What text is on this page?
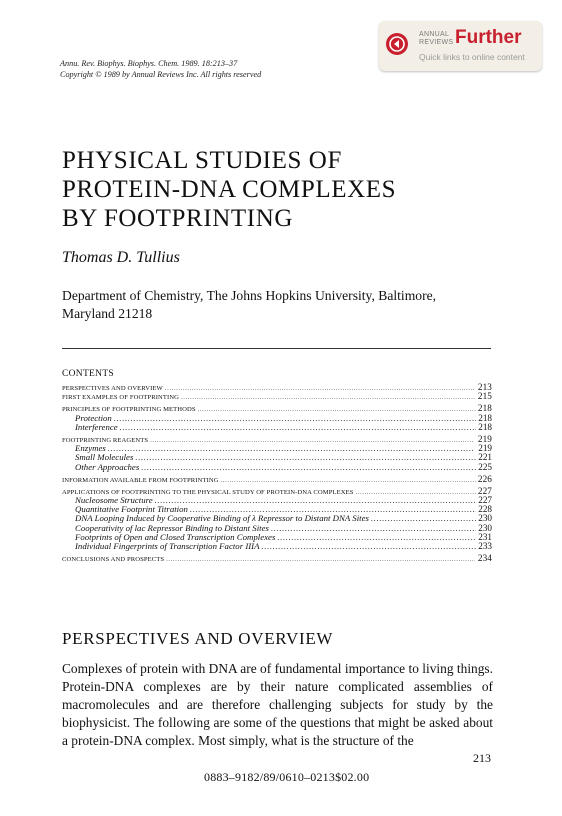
Annu. Rev. Biophys. Biophys. Chem. 1989. 18:213–37
Copyright © 1989 by Annual Reviews Inc. All rights reserved
ANNUAL
REVIEWS Further
Quick links to online content
PHYSICAL STUDIES OF
PROTEIN-DNA COMPLEXES
BY FOOTPRINTING
Thomas D. Tullius
Department of Chemistry, The Johns Hopkins University, Baltimore, Maryland 21218
CONTENTS
PERSPECTIVES AND OVERVIEW .....	213
FIRST EXAMPLES OF FOOTPRINTING .....	215
PRINCIPLES OF FOOTPRINTING METHODS .....	218
Protection .....	218
Interference .....	218
FOOTPRINTING REAGENTS .....	219
Enzymes .....	219
Small Molecules .....	221
Other Approaches .....	225
INFORMATION AVAILABLE FROM FOOTPRINTING .....	226
APPLICATIONS OF FOOTPRINTING TO THE PHYSICAL STUDY OF PROTEIN-DNA COMPLEXES .....	227
Nucleosome Structure .....	227
Quantitative Footprint Titration .....	228
DNA Looping Induced by Cooperative Binding of λ Repressor to Distant DNA Sites .....	230
Cooperativity of lac Repressor Binding to Distant Sites .....	230
Footprints of Open and Closed Transcription Complexes .....	231
Individual Fingerprints of Transcription Factor IIIA .....	233
CONCLUSIONS AND PROSPECTS .....	234
PERSPECTIVES AND OVERVIEW
Complexes of protein with DNA are of fundamental importance to living things. Protein-DNA complexes are by their nature complicated assemblies of macromolecules and are therefore challenging subjects for study by the biophysicist. The following are some of the questions that might be asked about a protein-DNA complex. Most simply, what is the structure of the
213
0883–9182/89/0610–0213$02.00
